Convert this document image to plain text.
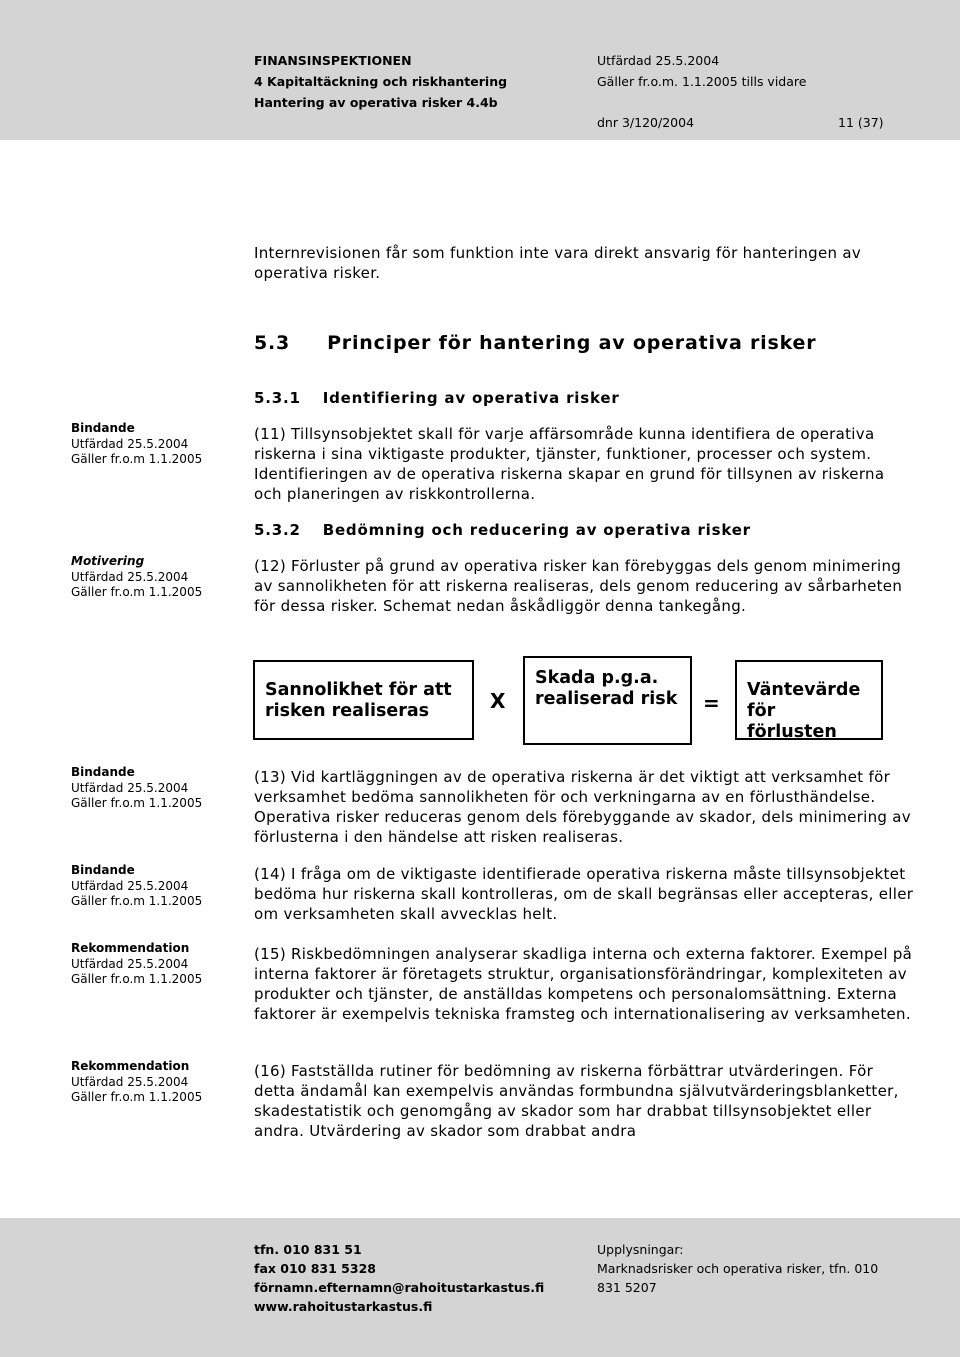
FINANSINSPEKTIONEN
4 Kapitaltäckning och riskhantering
Hantering av operativa risker 4.4b
Utfärdad 25.5.2004
Gäller fr.o.m. 1.1.2005 tills vidare
dnr 3/120/2004	11 (37)

Internrevisionen får som funktion inte vara direkt ansvarig för hanteringen av operativa risker.

5.3 Principer för hantering av operativa risker
5.3.1 Identifiering av operativa risker
Bindande
Utfärdad 25.5.2004
Gäller fr.o.m 1.1.2005

(11) Tillsynsobjektet skall för varje affärsområde kunna identifiera de operativa riskerna i sina viktigaste produkter, tjänster, funktioner, processer och system. Identifieringen av de operativa riskerna skapar en grund för tillsynen av riskerna och planeringen av riskkontrollerna.

5.3.2 Bedömning och reducering av operativa risker
Motivering
Utfärdad 25.5.2004
Gäller fr.o.m 1.1.2005

(12) Förluster på grund av operativa risker kan förebyggas dels genom minimering av sannolikheten för att riskerna realiseras, dels genom reducering av sårbarheten för dessa risker. Schemat nedan åskådliggör denna tankegång.

Sannolikhet för att risken realiseras	X
Skada p.g.a. realiserad risk	=
Väntevärde för förlusten
Bindande
Utfärdad 25.5.2004
Gäller fr.o.m 1.1.2005

(13) Vid kartläggningen av de operativa riskerna är det viktigt att verksamhet för verksamhet bedöma sannolikheten för och verkningarna av en förlusthändelse. Operativa risker reduceras genom dels förebyggande av skador, dels minimering av förlusterna i den händelse att risken realiseras.

Bindande
Utfärdad 25.5.2004
Gäller fr.o.m 1.1.2005

(14) I fråga om de viktigaste identifierade operativa riskerna måste tillsynsobjektet bedöma hur riskerna skall kontrolleras, om de skall begränsas eller accepteras, eller om verksamheten skall avvecklas helt.

Rekommendation
Utfärdad 25.5.2004
Gäller fr.o.m 1.1.2005

(15) Riskbedömningen analyserar skadliga interna och externa faktorer. Exempel på interna faktorer är företagets struktur, organisationsförändringar, komplexiteten av produkter och tjänster, de anställdas kompetens och personalomsättning. Externa faktorer är exempelvis tekniska framsteg och internationalisering av verksamheten.

Rekommendation
Utfärdad 25.5.2004
Gäller fr.o.m 1.1.2005

(16) Fastställda rutiner för bedömning av riskerna förbättrar utvärderingen. För detta ändamål kan exempelvis användas formbundna självutvärderingsblanketter, skadestatistik och genomgång av skador som har drabbat tillsynsobjektet eller andra. Utvärdering av skador som drabbat andra

tfn. 010 831 51
fax 010 831 5328
förnamn.efternamn@rahoitustarkastus.fi
www.rahoitustarkastus.fi
Upplysningar:
Marknadsrisker och operativa risker, tfn. 010 831 5207
